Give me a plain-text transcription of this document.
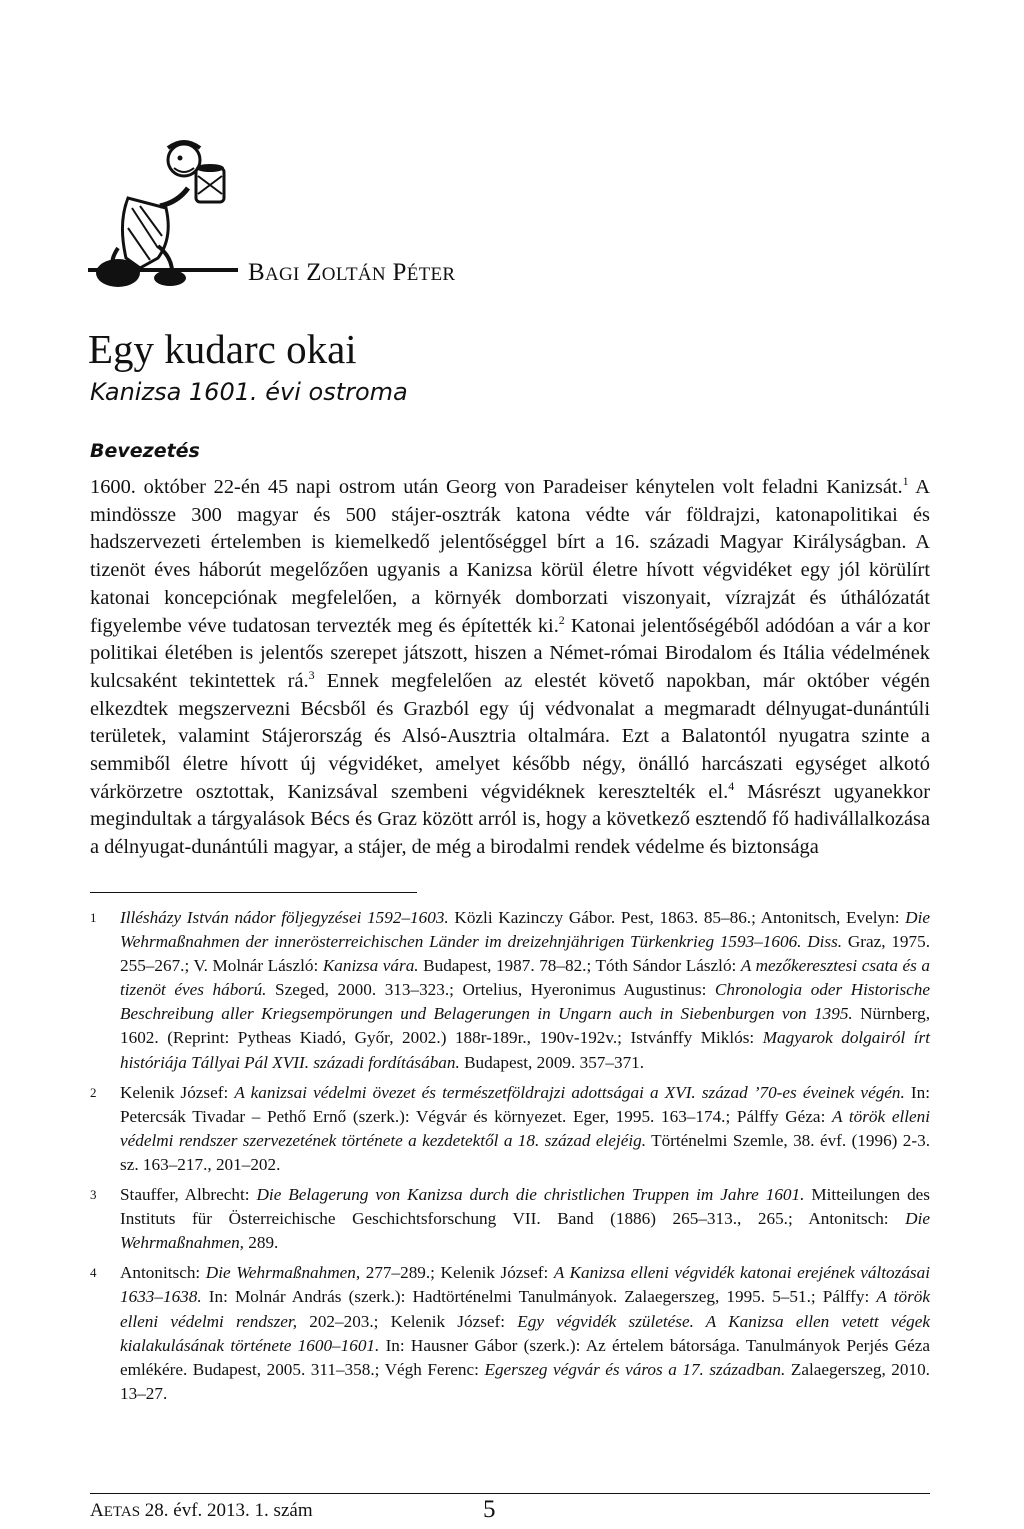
BAGI ZOLTÁN PÉTER
Egy kudarc okai
Kanizsa 1601. évi ostroma
Bevezetés

1600. október 22-én 45 napi ostrom után Georg von Paradeiser kénytelen volt feladni Kanizsát.$^1$ A mindössze 300 magyar és 500 stájer-osztrák katona védte vár földrajzi, katonapolitikai és hadszervezeti értelemben is kiemelkedő jelentőséggel bírt a 16. századi Magyar Királyságban. A tizenöt éves háborút megelőzően ugyanis a Kanizsa körül életre hívott végvidéket egy jól körülírt katonai koncepciónak megfelelően, a környék domborzati viszonyait, vízrajzát és úthálózatát figyelembe véve tudatosan tervezték meg és építették ki.$^2$ Katonai jelentőségéből adódóan a vár a kor politikai életében is jelentős szerepet játszott, hiszen a Német-római Birodalom és Itália védelmének kulcsaként tekintettek rá.$^3$ Ennek megfelelően az elestét követő napokban, már október végén elkezdtek megszervezni Bécsből és Grazból egy új védvonalat a megmaradt délnyugat-dunántúli területek, valamint Stájerország és Alsó-Ausztria oltalmára. Ezt a Balatontól nyugatra szinte a semmiből életre hívott új végvidéket, amelyet később négy, önálló harcászati egységet alkotó várkörzetre osztottak, Kanizsával szembeni végvidéknek keresztelték el.$^4$ Másrészt ugyanekkor megindultak a tárgyalások Bécs és Graz között arról is, hogy a következő esztendő fő hadivállalkozása a délnyugat-dunántúli magyar, a stájer, de még a birodalmi rendek védelme és biztonsága

1	Illésházy István nádor följegyzései 1592–1603. Közli Kazinczy Gábor. Pest, 1863. 85–86.; Antonitsch, Evelyn: Die Wehrmaßnahmen der innerösterreichischen Länder im dreizehnjährigen Türkenkrieg 1593–1606. Diss. Graz, 1975. 255–267.; V. Molnár László: Kanizsa vára. Budapest, 1987. 78–82.; Tóth Sándor László: A mezőkeresztesi csata és a tizenöt éves háború. Szeged, 2000. 313–323.; Ortelius, Hyeronimus Augustinus: Chronologia oder Historische Beschreibung aller Kriegsempörungen und Belagerungen in Ungarn auch in Siebenburgen von 1395. Nürnberg, 1602. (Reprint: Pytheas Kiadó, Győr, 2002.) 188r-189r., 190v-192v.; Istvánffy Miklós: Magyarok dolgairól írt históriája Tállyai Pál XVII. századi fordításában. Budapest, 2009. 357–371.
2	Kelenik József: A kanizsai védelmi övezet és természetföldrajzi adottságai a XVI. század ’70-es éveinek végén. In: Petercsák Tivadar – Pethő Ernő (szerk.): Végvár és környezet. Eger, 1995. 163–174.; Pálffy Géza: A török elleni védelmi rendszer szervezetének története a kezdetektől a 18. század elejéig. Történelmi Szemle, 38. évf. (1996) 2-3. sz. 163–217., 201–202.
3	Stauffer, Albrecht: Die Belagerung von Kanizsa durch die christlichen Truppen im Jahre 1601. Mitteilungen des Instituts für Österreichische Geschichtsforschung VII. Band (1886) 265–313., 265.; Antonitsch: Die Wehrmaßnahmen, 289.
4	Antonitsch: Die Wehrmaßnahmen, 277–289.; Kelenik József: A Kanizsa elleni végvidék katonai erejének változásai 1633–1638. In: Molnár András (szerk.): Hadtörténelmi Tanulmányok. Zalaegerszeg, 1995. 5–51.; Pálffy: A török elleni védelmi rendszer, 202–203.; Kelenik József: Egy végvidék születése. A Kanizsa ellen vetett végek kialakulásának története 1600–1601. In: Hausner Gábor (szerk.): Az értelem bátorsága. Tanulmányok Perjés Géza emlékére. Budapest, 2005. 311–358.; Végh Ferenc: Egerszeg végvár és város a 17. században. Zalaegerszeg, 2010. 13–27.
AETAS 28. évf. 2013. 1. szám	5
